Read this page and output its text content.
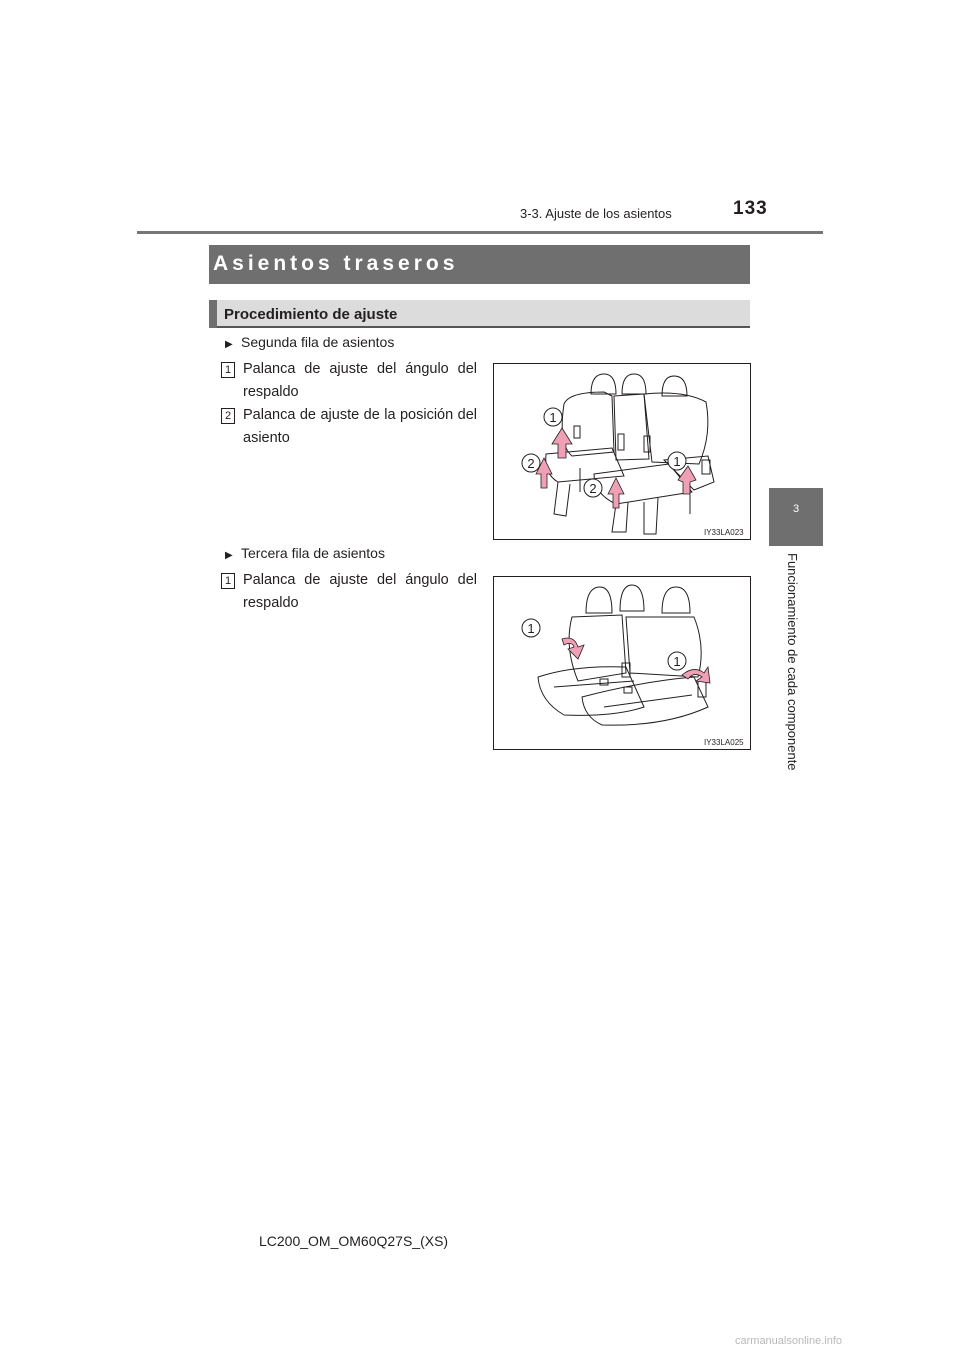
3-3. Ajuste de los asientos	133
3
Funcionamiento de cada componente
Asientos traseros
Procedimiento de ajuste
▶ Segunda fila de asientos
1 Palanca de ajuste del ángulo del respaldo
2 Palanca de ajuste de la posición del asiento
1
2	1
2
IY33LA023
▶ Tercera fila de asientos
1 Palanca de ajuste del ángulo del respaldo
1
1
IY33LA025
LC200_OM_OM60Q27S_(XS)
carmanualsonline.info
